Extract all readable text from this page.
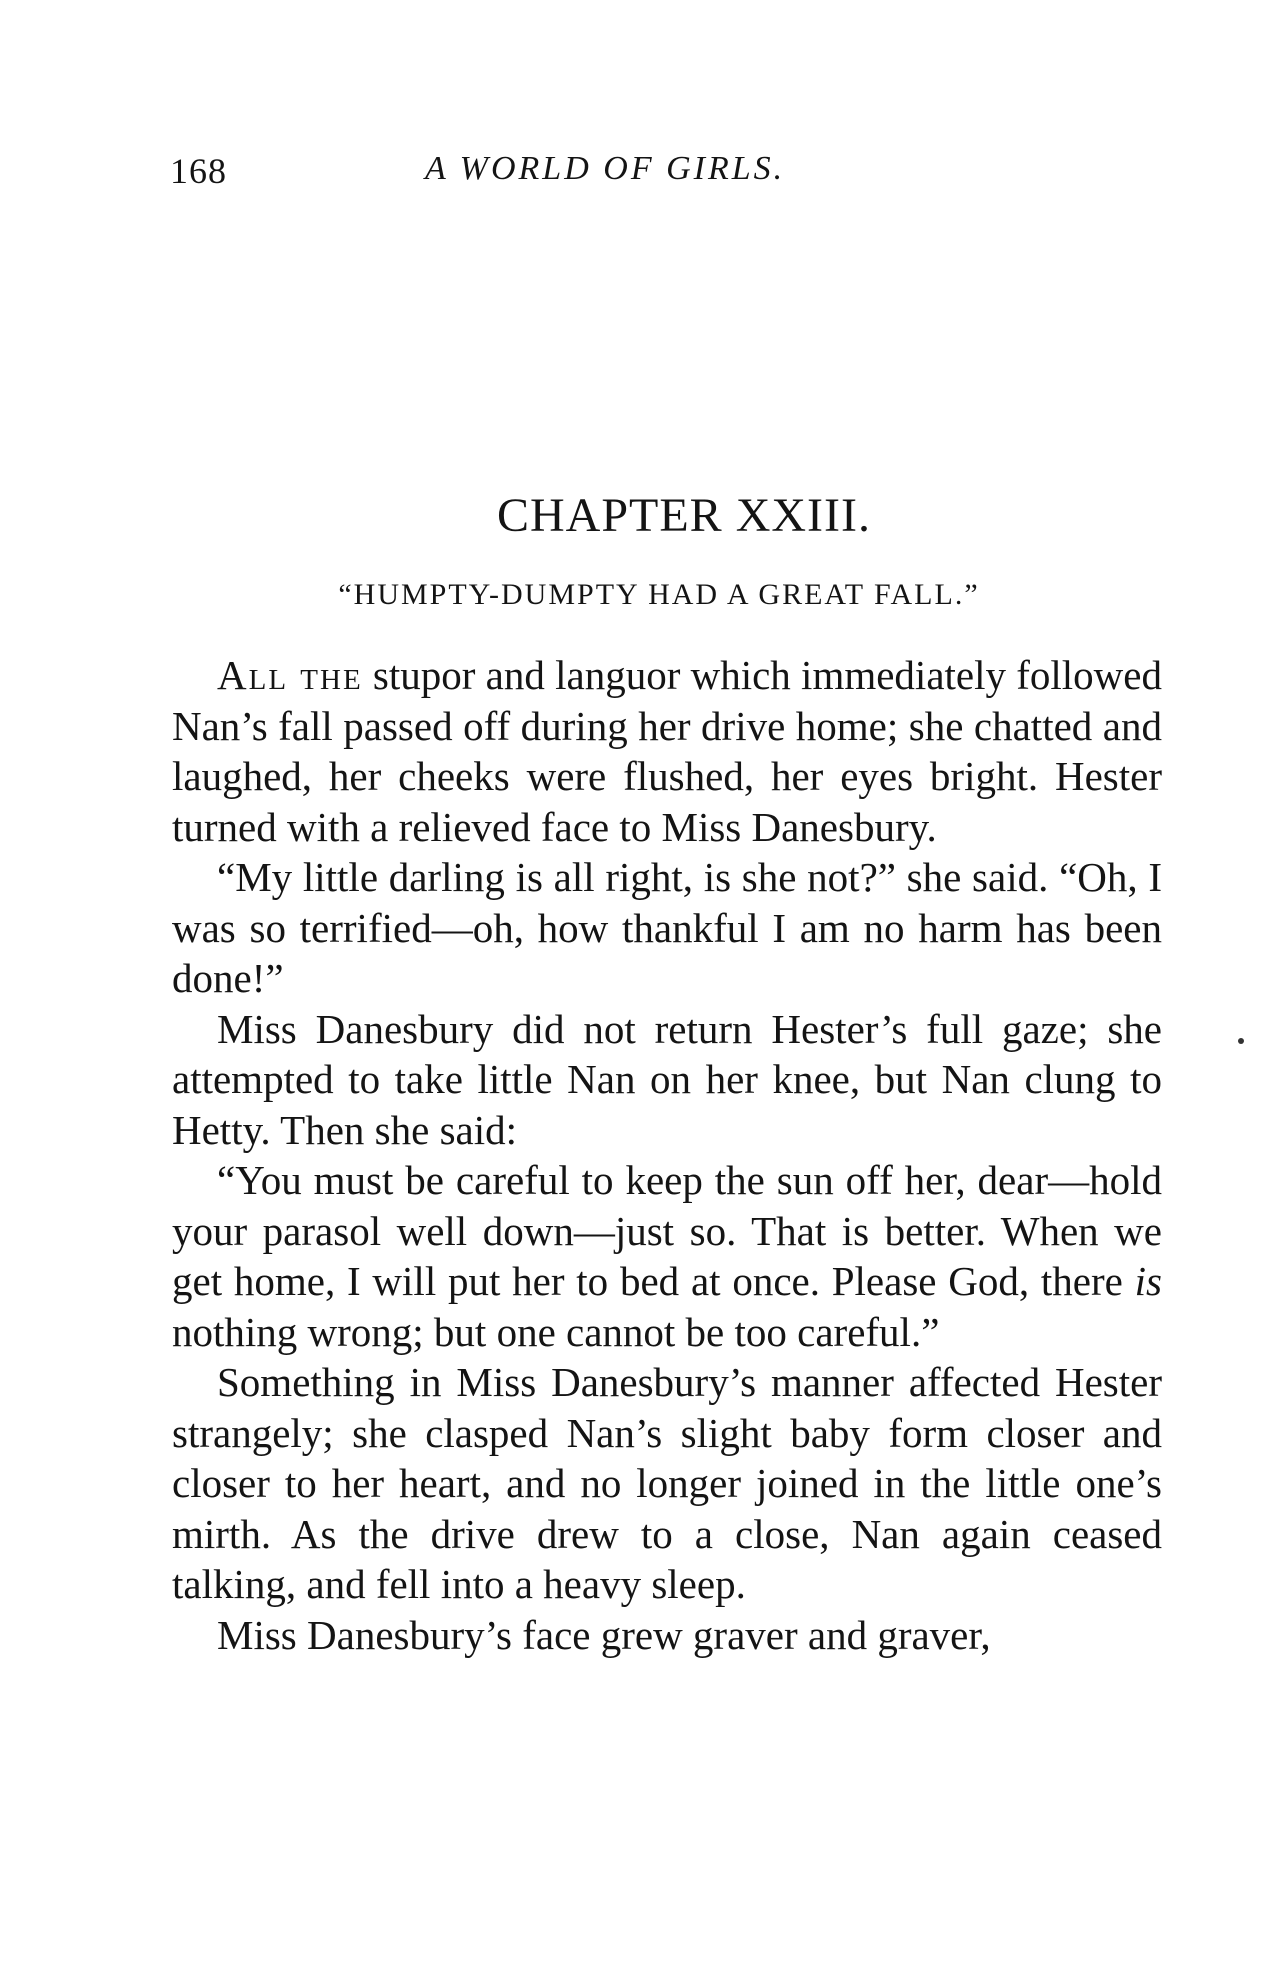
168	A WORLD OF GIRLS.
CHAPTER XXIII.
“HUMPTY-DUMPTY HAD A GREAT FALL.”

All the stupor and languor which immediately followed Nan’s fall passed off during her drive home; she chatted and laughed, her cheeks were flushed, her eyes bright. Hester turned with a relieved face to Miss Danesbury.

“My little darling is all right, is she not?” she said. “Oh, I was so terrified—oh, how thankful I am no harm has been done!”

Miss Danesbury did not return Hester’s full gaze; she attempted to take little Nan on her knee, but Nan clung to Hetty. Then she said:

“You must be careful to keep the sun off her, dear—hold your parasol well down—just so. That is better. When we get home, I will put her to bed at once. Please God, there is nothing wrong; but one cannot be too careful.”

Something in Miss Danesbury’s manner affected Hester strangely; she clasped Nan’s slight baby form closer and closer to her heart, and no longer joined in the little one’s mirth. As the drive drew to a close, Nan again ceased talking, and fell into a heavy sleep.

Miss Danesbury’s face grew graver and graver,
